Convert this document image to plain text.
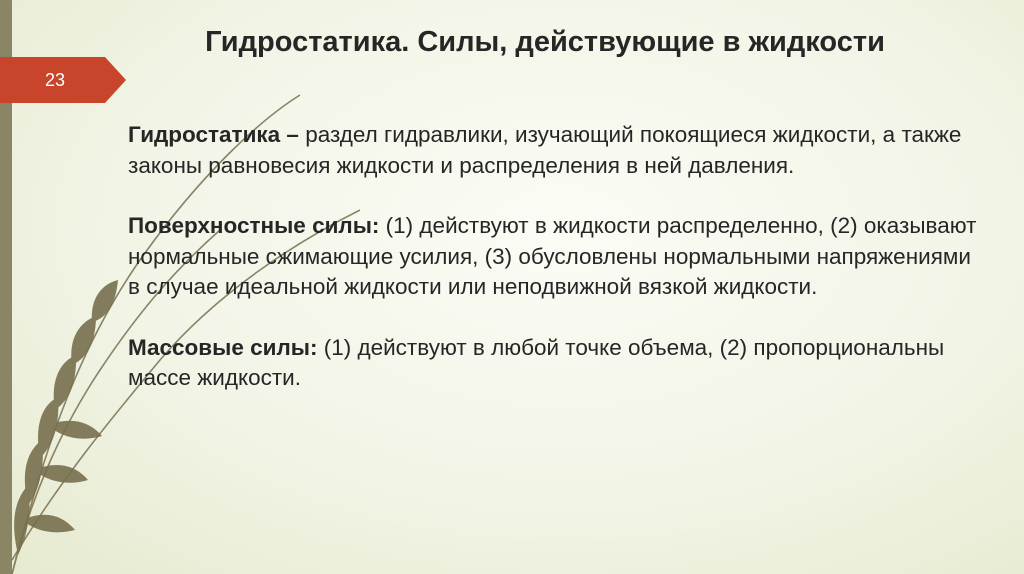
23
Гидростатика. Силы, действующие в жидкости

Гидростатика – раздел гидравлики, изучающий покоящиеся жидкости, а также законы равновесия жидкости и распределения в ней давления.

Поверхностные силы: (1) действуют в жидкости распределенно, (2) оказывают нормальные сжимающие усилия, (3) обусловлены нормальными напряжениями в случае идеальной жидкости или неподвижной вязкой жидкости.

Массовые силы: (1) действуют в любой точке объема, (2) пропорциональны массе жидкости.
